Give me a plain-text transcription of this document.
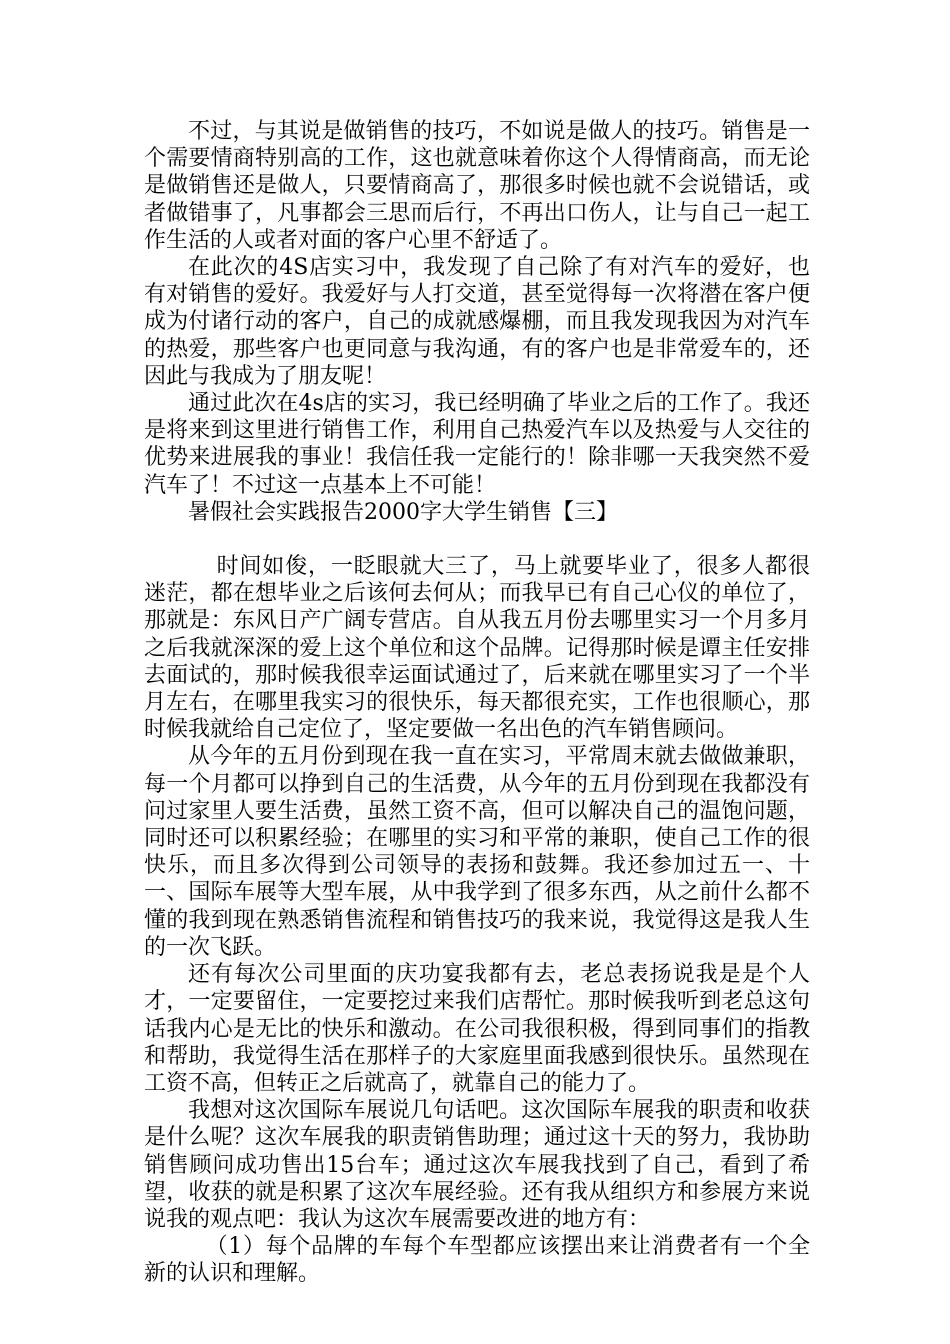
不过，与其说是做销售的技巧，不如说是做人的技巧。销售是一个需要情商特别高的工作，这也就意味着你这个人得情商高，而无论是做销售还是做人，只要情商高了，那很多时候也就不会说错话，或者做错事了，凡事都会三思而后行，不再出口伤人，让与自己一起工作生活的人或者对面的客户心里不舒适了。

在此次的4S店实习中，我发现了自己除了有对汽车的爱好，也有对销售的爱好。我爱好与人打交道，甚至觉得每一次将潜在客户便成为付诸行动的客户，自己的成就感爆棚，而且我发现我因为对汽车的热爱，那些客户也更同意与我沟通，有的客户也是非常爱车的，还因此与我成为了朋友呢！

通过此次在4s店的实习，我已经明确了毕业之后的工作了。我还是将来到这里进行销售工作，利用自己热爱汽车以及热爱与人交往的优势来进展我的事业！我信任我一定能行的！除非哪一天我突然不爱汽车了！不过这一点基本上不可能！

暑假社会实践报告2000字大学生销售【三】

时间如俊，一眨眼就大三了，马上就要毕业了，很多人都很迷茫，都在想毕业之后该何去何从；而我早已有自己心仪的单位了，那就是：东风日产广阔专营店。自从我五月份去哪里实习一个月多月之后我就深深的爱上这个单位和这个品牌。记得那时候是谭主任安排去面试的，那时候我很幸运面试通过了，后来就在哪里实习了一个半月左右，在哪里我实习的很快乐，每天都很充实，工作也很顺心，那时候我就给自己定位了，坚定要做一名出色的汽车销售顾问。

从今年的五月份到现在我一直在实习，平常周末就去做做兼职，每一个月都可以挣到自己的生活费，从今年的五月份到现在我都没有问过家里人要生活费，虽然工资不高，但可以解决自己的温饱问题，同时还可以积累经验；在哪里的实习和平常的兼职，使自己工作的很快乐，而且多次得到公司领导的表扬和鼓舞。我还参加过五一、十一、国际车展等大型车展，从中我学到了很多东西，从之前什么都不懂的我到现在熟悉销售流程和销售技巧的我来说，我觉得这是我人生的一次飞跃。

还有每次公司里面的庆功宴我都有去，老总表扬说我是是个人才，一定要留住，一定要挖过来我们店帮忙。那时候我听到老总这句话我内心是无比的快乐和激动。在公司我很积极，得到同事们的指教和帮助，我觉得生活在那样子的大家庭里面我感到很快乐。虽然现在工资不高，但转正之后就高了，就靠自己的能力了。

我想对这次国际车展说几句话吧。这次国际车展我的职责和收获是什么呢？这次车展我的职责销售助理；通过这十天的努力，我协助销售顾问成功售出15台车；通过这次车展我找到了自己，看到了希望，收获的就是积累了这次车展经验。还有我从组织方和参展方来说说我的观点吧：我认为这次车展需要改进的地方有：

（1）每个品牌的车每个车型都应该摆出来让消费者有一个全新的认识和理解。
